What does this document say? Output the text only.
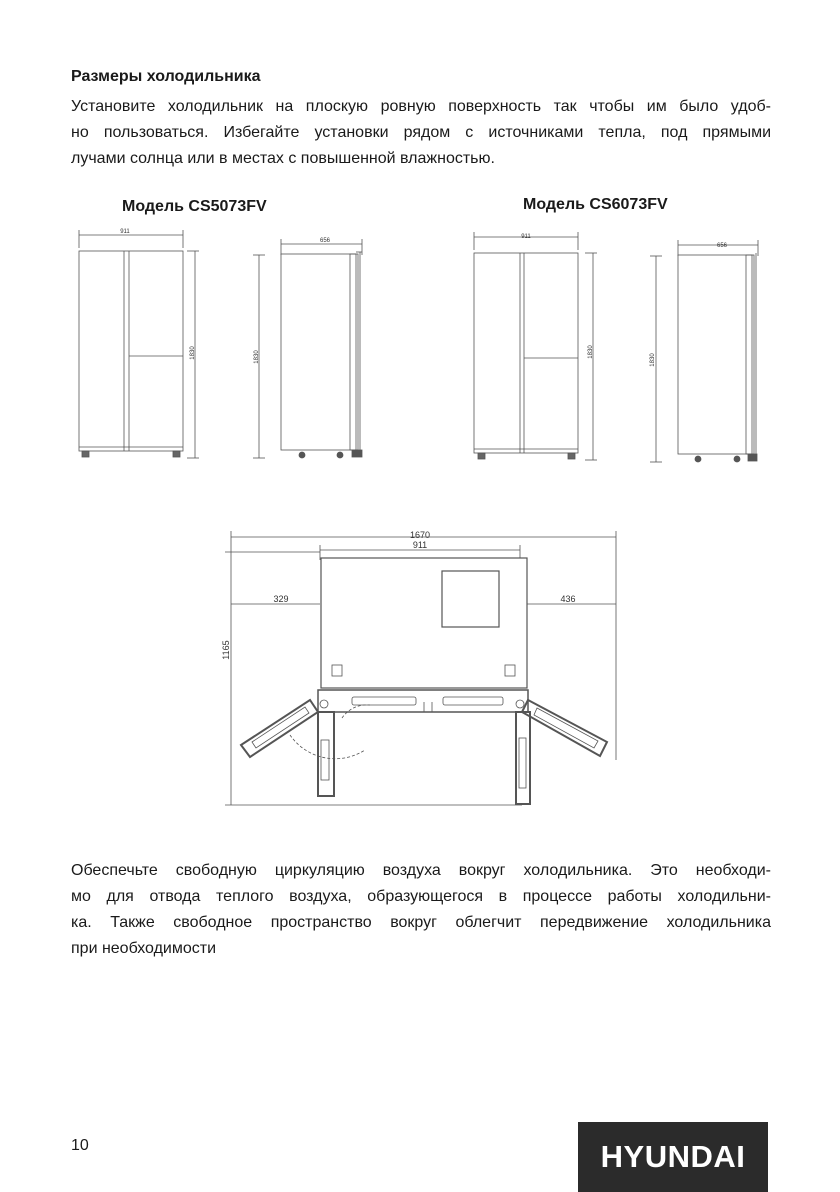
Размеры холодильника
Установите холодильник на плоскую ровную поверхность так чтобы им было удоб-
но пользоваться. Избегайте установки рядом с источниками тепла, под прямыми
лучами солнца или в местах с повышенной влажностью.
Модель CS5073FV	Модель CS6073FV
911
1830
656
1830
911
1830
656
1830
1670
911
329	436
1165
Обеспечьте свободную циркуляцию воздуха вокруг холодильника. Это необходи-
мо для отвода теплого воздуха, образующегося в процессе работы холодильни-
ка. Также свободное пространство вокруг облегчит передвижение холодильника
при необходимости
10	HYUNDAI
